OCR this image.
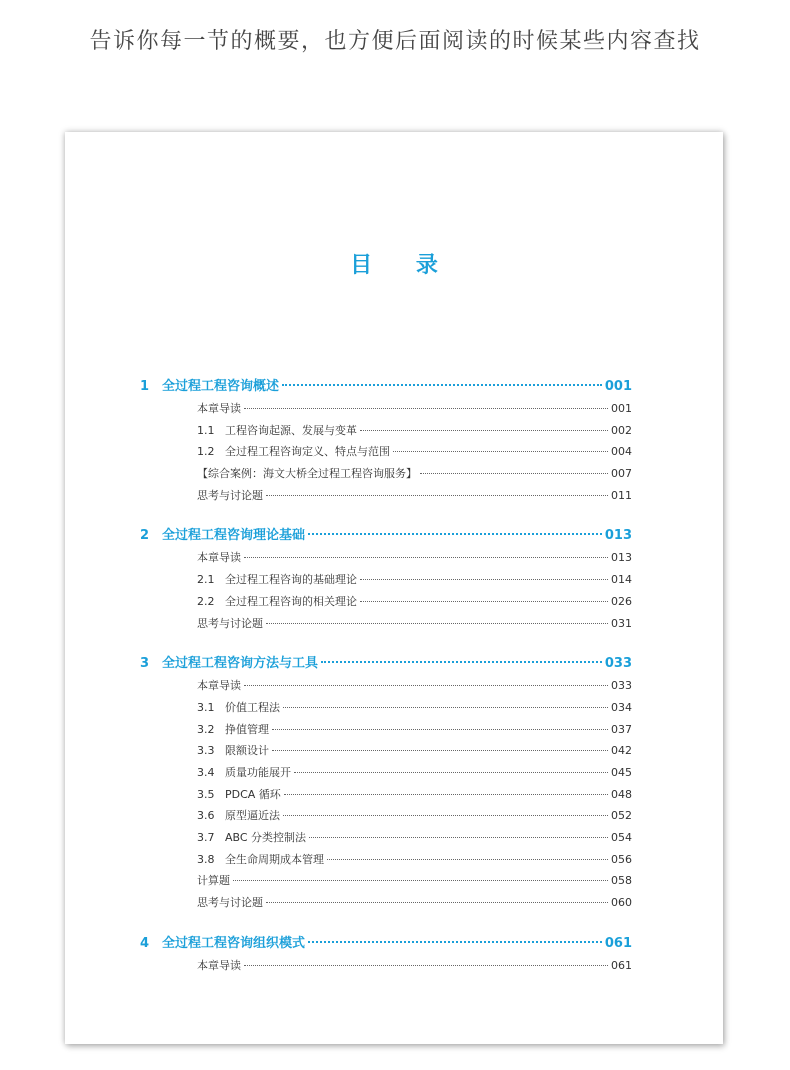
告诉你每一节的概要，也方便后面阅读的时候某些内容查找
目 录
1 全过程工程咨询概述	001
本章导读	001
1.1 工程咨询起源、发展与变革	002
1.2 全过程工程咨询定义、特点与范围	004
【综合案例：海文大桥全过程工程咨询服务】	007
思考与讨论题	011
2 全过程工程咨询理论基础	013
本章导读	013
2.1 全过程工程咨询的基础理论	014
2.2 全过程工程咨询的相关理论	026
思考与讨论题	031
3 全过程工程咨询方法与工具	033
本章导读	033
3.1 价值工程法	034
3.2 挣值管理	037
3.3 限额设计	042
3.4 质量功能展开	045
3.5 PDCA 循环	048
3.6 原型逼近法	052
3.7 ABC 分类控制法	054
3.8 全生命周期成本管理	056
计算题	058
思考与讨论题	060
4 全过程工程咨询组织模式	061
本章导读	061
